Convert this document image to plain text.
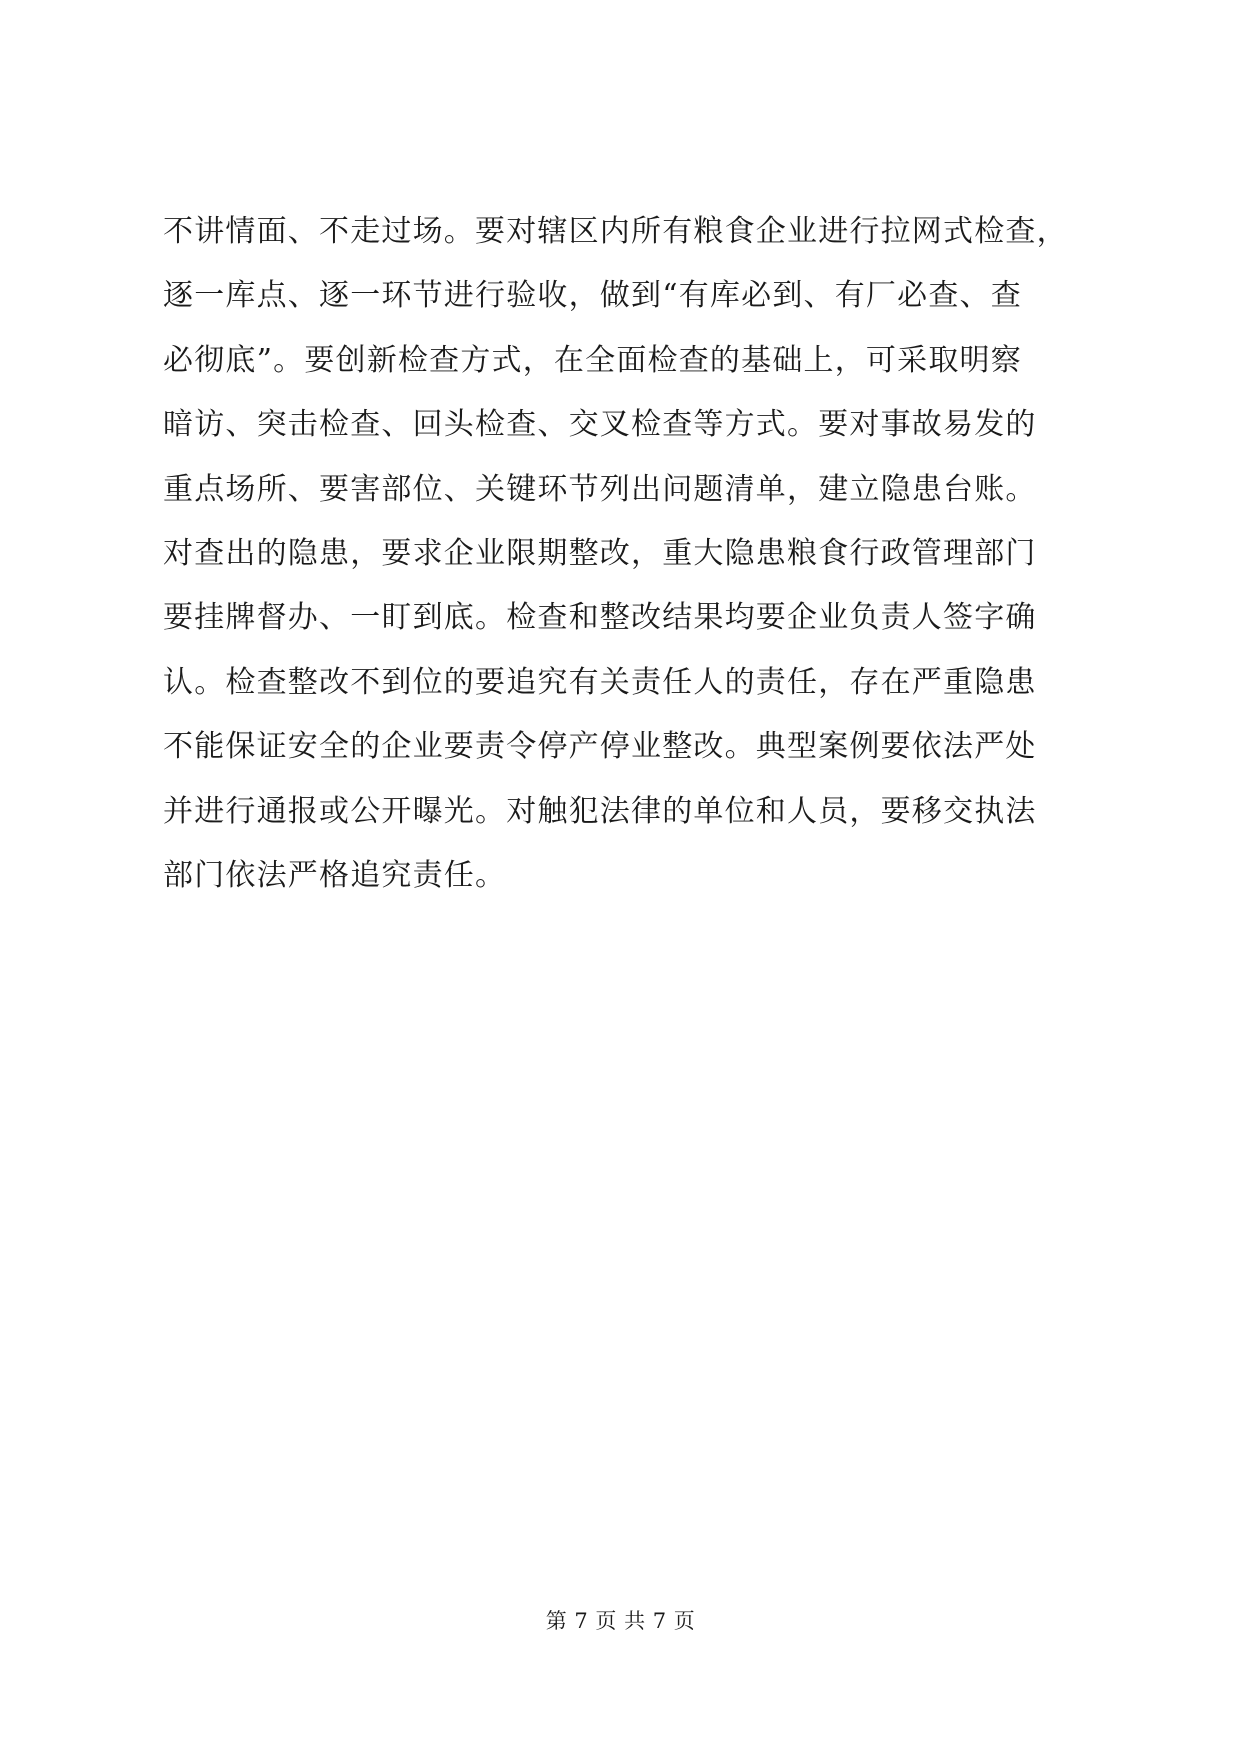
不讲情面、不走过场。要对辖区内所有粮食企业进行拉网式检查，
逐一库点、逐一环节进行验收，做到“有库必到、有厂必查、查
必彻底”。要创新检查方式，在全面检查的基础上，可采取明察
暗访、突击检查、回头检查、交叉检查等方式。要对事故易发的
重点场所、要害部位、关键环节列出问题清单，建立隐患台账。
对查出的隐患，要求企业限期整改，重大隐患粮食行政管理部门
要挂牌督办、一盯到底。检查和整改结果均要企业负责人签字确
认。检查整改不到位的要追究有关责任人的责任，存在严重隐患
不能保证安全的企业要责令停产停业整改。典型案例要依法严处
并进行通报或公开曝光。对触犯法律的单位和人员，要移交执法
部门依法严格追究责任。
第 7 页 共 7 页
